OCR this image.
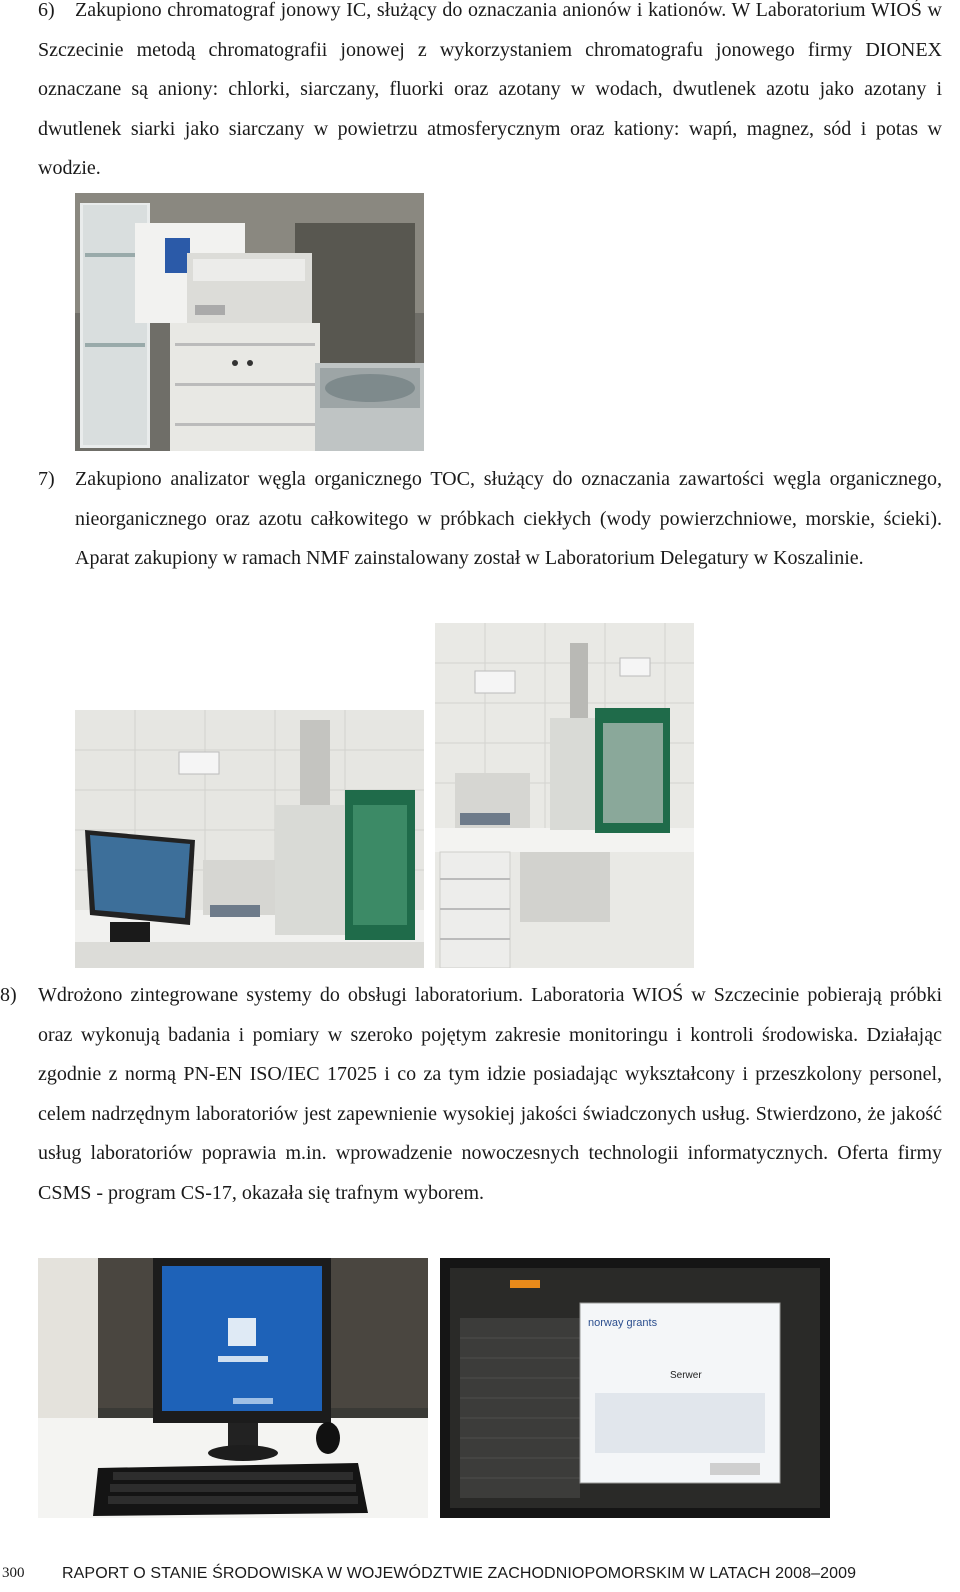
6)	Zakupiono chromatograf jonowy IC, służący do oznaczania anionów i kationów. W Laboratorium WIOŚ w Szczecinie metodą chromatografii jonowej z wykorzystaniem chromatografu jonowego firmy DIONEX oznaczane są aniony: chlorki, siarczany, fluorki oraz azotany w wodach, dwutlenek azotu jako azotany i dwutlenek siarki jako siarczany w powietrzu atmosferycznym oraz kationy: wapń, magnez, sód i potas w wodzie.

7) Zakupiono analizator węgla organicznego TOC, służący do oznaczania zawartości węgla organicznego, nieorganicznego oraz azotu całkowitego w próbkach ciekłych (wody powierzchniowe, morskie, ścieki). Aparat zakupiony w ramach NMF zainstalowany został w Laboratorium Delegatury w Koszalinie.

8) Wdrożono zintegrowane systemy do obsługi laboratorium. Laboratoria WIOŚ w Szczecinie pobierają próbki oraz wykonują badania i pomiary w szeroko pojętym zakresie monitoringu i kontroli środowiska. Działając zgodnie z normą PN-EN ISO/IEC 17025 i co za tym idzie posiadając wykształcony i przeszkolony personel, celem nadrzędnym laboratoriów jest zapewnienie wysokiej jakości świadczonych usług. Stwierdzono, że jakość usług laboratoriów poprawia m.in. wprowadzenie nowoczesnych technologii informatycznych. Oferta firmy CSMS - program CS-17, okazała się trafnym wyborem.

norway grants
Serwer
300 RAPORT O STANIE ŚRODOWISKA W WOJEWÓDZTWIE ZACHODNIOPOMORSKIM W LATACH 2008–2009
